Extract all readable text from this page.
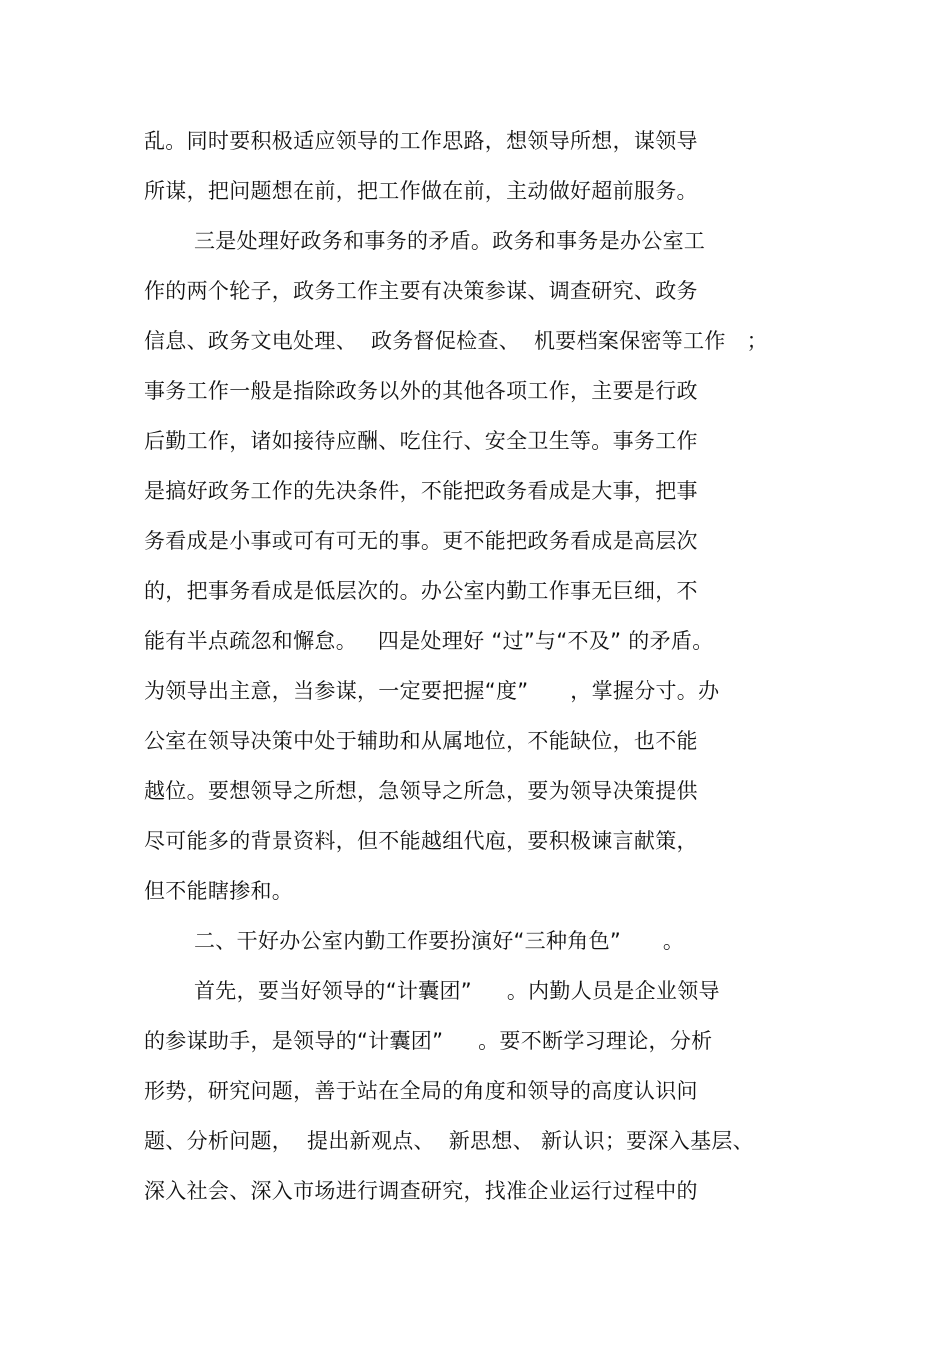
乱。同时要积极适应领导的工作思路，想领导所想，谋领导
所谋，把问题想在前，把工作做在前，主动做好超前服务。
三是处理好政务和事务的矛盾。政务和事务是办公室工
作的两个轮子，政务工作主要有决策参谋、调查研究、政务
信息、政务文电处理、  政务督促检查、  机要档案保密等工作   ；
事务工作一般是指除政务以外的其他各项工作，主要是行政
后勤工作，诸如接待应酬、吃住行、安全卫生等。事务工作
是搞好政务工作的先决条件，不能把政务看成是大事，把事
务看成是小事或可有可无的事。更不能把政务看成是高层次
的，把事务看成是低层次的。办公室内勤工作事无巨细，不
能有半点疏忽和懈怠。   四是处理好 “过”与“不及” 的矛盾。
为领导出主意，当参谋，一定要把握“度”      ，掌握分寸。办
公室在领导决策中处于辅助和从属地位，不能缺位，也不能
越位。要想领导之所想，急领导之所急，要为领导决策提供
尽可能多的背景资料，但不能越组代庖，要积极谏言献策，
但不能瞎掺和。
二、干好办公室内勤工作要扮演好“三种角色”      。
首先，要当好领导的“计囊团”     。内勤人员是企业领导
的参谋助手，是领导的“计囊团”     。要不断学习理论，分析
形势，研究问题，善于站在全局的角度和领导的高度认识问
题、分析问题，  提出新观点、  新思想、 新认识；要深入基层、
深入社会、深入市场进行调查研究，找准企业运行过程中的
